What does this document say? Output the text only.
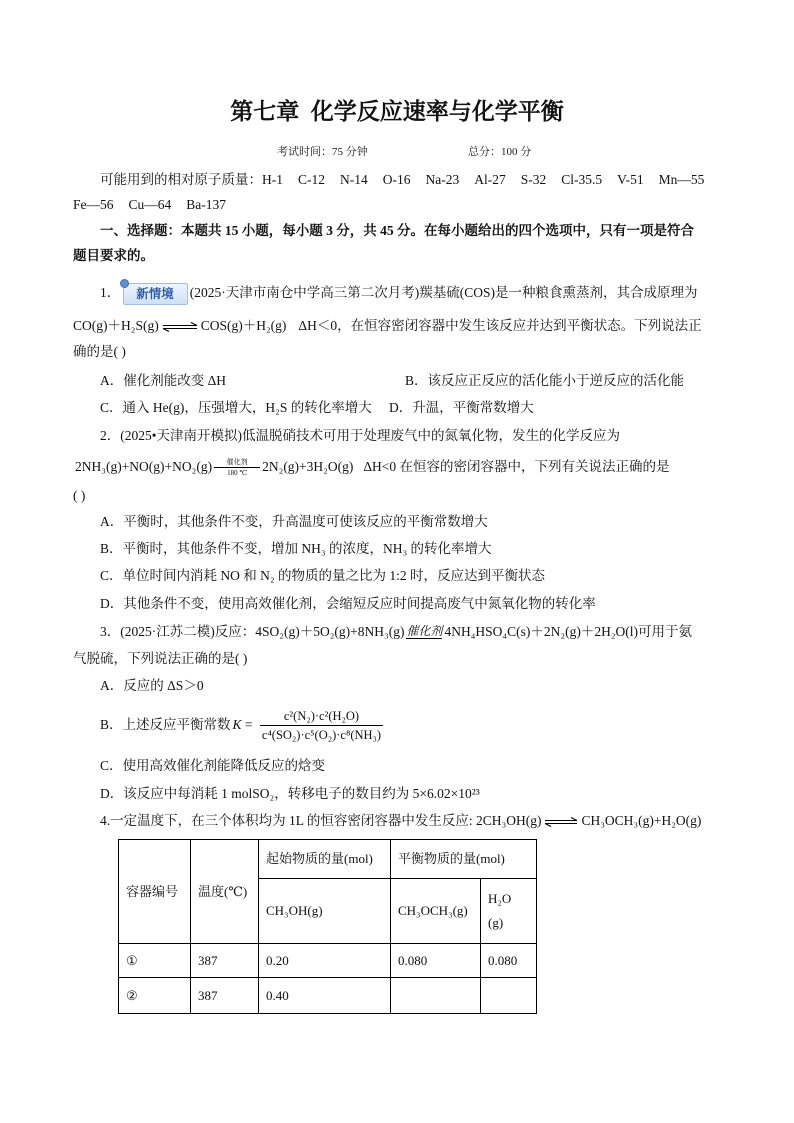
第七章  化学反应速率与化学平衡
考试时间：75 分钟	总分：100 分
可能用到的相对原子质量：H-1 C-12 N-14 O-16 Na-23 Al-27 S-32 Cl-35.5 V-51 Mn—55
Fe—56 Cu—64 Ba-137
一、选择题：本题共 15 小题，每小题 3 分，共 45 分。在每小题给出的四个选项中，只有一项是符合
题目要求的。
1． 新情境 (2025·天津市南仓中学高三第二次月考)羰基硫(COS)是一种粮食熏蒸剂，其合成原理为
CO(g)＋H₂S(g) ⇌ COS(g)＋H₂(g) ΔH＜0，在恒容密闭容器中发生该反应并达到平衡状态。下列说法正
确的是( )
A．催化剂能改变 ΔH	B．该反应正反应的活化能小于逆反应的活化能
C．通入 He(g)，压强增大，H₂S 的转化率增大 D．升温，平衡常数增大
2．(2025•天津南开模拟)低温脱硝技术可用于处理废气中的氮氧化物，发生的化学反应为
2NH₃(g)+NO(g)+NO₂(g) 催化剂
180 ℃ 2N₂(g)+3H₂O(g) ΔH<0 在恒容的密闭容器中，下列有关说法正确的是
( )
A．平衡时，其他条件不变，升高温度可使该反应的平衡常数增大
B．平衡时，其他条件不变，增加 NH₃ 的浓度，NH₃ 的转化率增大
C．单位时间内消耗 NO 和 N₂ 的物质的量之比为 1:2 时，反应达到平衡状态
D．其他条件不变，使用高效催化剂，会缩短反应时间提高废气中氮氧化物的转化率
3．(2025·江苏二模)反应：4SO₂(g)＋5O₂(g)+8NH₃(g) 催化剂 4NH₄HSO₄C(s)＋2N₂(g)＋2H₂O(l)可用于氨
气脱硫，下列说法正确的是( )
A．反应的 ΔS＞0
B．上述反应平衡常数 $K = \frac{\text{c²(N₂)·c²(H₂O)}}{\text{c⁴(SO₂)·c⁵(O₂)·c⁸(NH₃)}}$
C．使用高效催化剂能降低反应的焓变
D．该反应中每消耗 1 molSO₂，转移电子的数目约为 5×6.02×10²³
4.一定温度下，在三个体积均为 1L 的恒容密闭容器中发生反应: 2CH₃OH(g) ⇌ CH₃OCH₃(g)+H₂O(g)
容器编号	温度(℃)	起始物质的量(mol)	平衡物质的量(mol)	
		CH₃OH(g)	CH₃OCH₃(g)	H₂O(g)
①	387	0.20	0.080	0.080
②	387	0.40		
